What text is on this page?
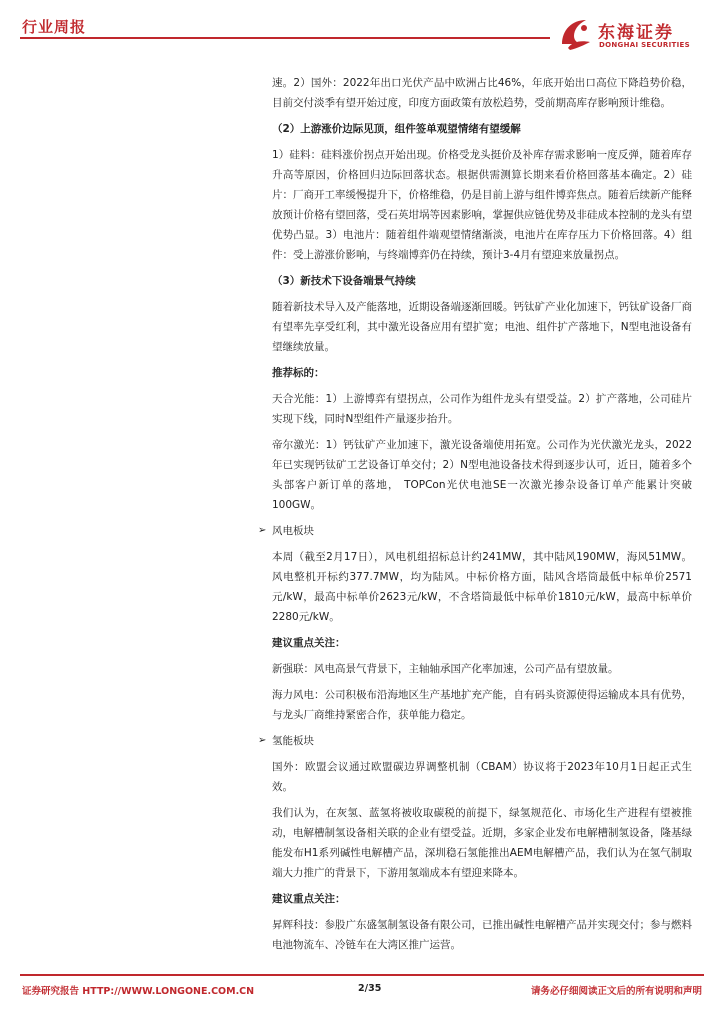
行业周报	东海证券
DONGHAI SECURITIES

速。2）国外：2022年出口光伏产品中欧洲占比46%，年底开始出口高位下降趋势价稳，目前交付淡季有望开始过度，印度方面政策有放松趋势，受前期高库存影响预计维稳。

（2）上游涨价边际见顶，组件签单观望情绪有望缓解

1）硅料：硅料涨价拐点开始出现。价格受龙头挺价及补库存需求影响一度反弹，随着库存升高等原因，价格回归边际回落状态。根据供需测算长期来看价格回落基本确定。2）硅片：厂商开工率缓慢提升下，价格维稳，仍是目前上游与组件博弈焦点。随着后续新产能释放预计价格有望回落，受石英坩埚等因素影响，掌握供应链优势及非硅成本控制的龙头有望优势凸显。3）电池片：随着组件端观望情绪渐淡，电池片在库存压力下价格回落。4）组件：受上游涨价影响，与终端博弈仍在持续，预计3-4月有望迎来放量拐点。

（3）新技术下设备端景气持续

随着新技术导入及产能落地，近期设备端逐渐回暖。钙钛矿产业化加速下，钙钛矿设备厂商有望率先享受红利，其中激光设备应用有望扩宽；电池、组件扩产落地下，N型电池设备有望继续放量。

推荐标的：

天合光能：1）上游博弈有望拐点，公司作为组件龙头有望受益。2）扩产落地，公司硅片实现下线，同时N型组件产量逐步抬升。

帝尔激光：1）钙钛矿产业加速下，激光设备端使用拓宽。公司作为光伏激光龙头，2022年已实现钙钛矿工艺设备订单交付；2）N型电池设备技术得到逐步认可，近日，随着多个头部客户新订单的落地， TOPCon光伏电池SE一次激光掺杂设备订单产能累计突破100GW。

➢ 风电板块

本周（截至2月17日），风电机组招标总计约241MW，其中陆风190MW，海风51MW。风电整机开标约377.7MW，均为陆风。中标价格方面，陆风含塔筒最低中标单价2571元/kW，最高中标单价2623元/kW，不含塔筒最低中标单价1810元/kW，最高中标单价2280元/kW。

建议重点关注：

新强联：风电高景气背景下，主轴轴承国产化率加速，公司产品有望放量。

海力风电：公司积极布沿海地区生产基地扩充产能，自有码头资源使得运输成本具有优势，与龙头厂商维持紧密合作，获单能力稳定。

➢ 氢能板块

国外：欧盟会议通过欧盟碳边界调整机制（CBAM）协议将于2023年10月1日起正式生效。

我们认为，在灰氢、蓝氢将被收取碳税的前提下，绿氢规范化、市场化生产进程有望被推动，电解槽制氢设备相关联的企业有望受益。近期，多家企业发布电解槽制氢设备，隆基绿能发布H1系列碱性电解槽产品，深圳稳石氢能推出AEM电解槽产品，我们认为在氢气制取端大力推广的背景下，下游用氢端成本有望迎来降本。

建议重点关注：

昇辉科技：参股广东盛氢制氢设备有限公司，已推出碱性电解槽产品并实现交付；参与燃料电池物流车、冷链车在大湾区推广运营。

证券研究报告 HTTP://WWW.LONGONE.COM.CN	2/35	请务必仔细阅读正文后的所有说明和声明
